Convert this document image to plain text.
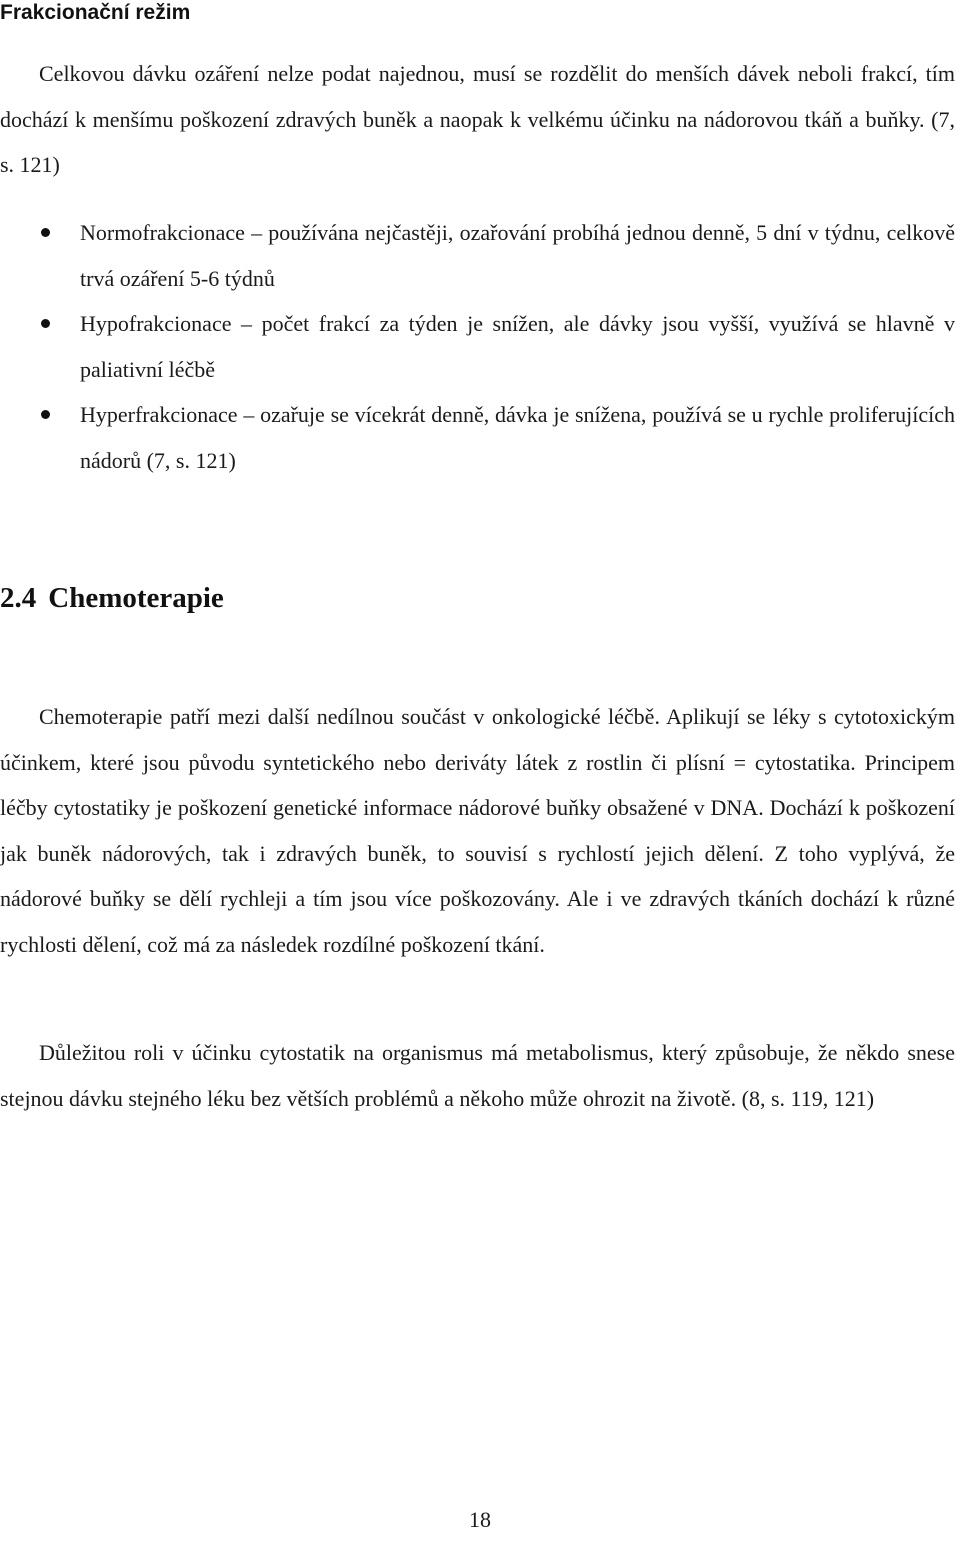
Frakcionační režim

Celkovou dávku ozáření nelze podat najednou, musí se rozdělit do menších dávek neboli frakcí, tím dochází k menšímu poškození zdravých buněk a naopak k velkému účinku na nádorovou tkáň a buňky. (7, s. 121)

Normofrakcionace – používána nejčastěji, ozařování probíhá jednou denně, 5 dní v týdnu, celkově trvá ozáření 5-6 týdnů
Hypofrakcionace – počet frakcí za týden je snížen, ale dávky jsou vyšší, využívá se hlavně v paliativní léčbě
Hyperfrakcionace – ozařuje se vícekrát denně, dávka je snížena, používá se u rychle proliferujících nádorů (7, s. 121)
2.4 Chemoterapie

Chemoterapie patří mezi další nedílnou součást v onkologické léčbě. Aplikují se léky s cytotoxickým účinkem, které jsou původu syntetického nebo deriváty látek z rostlin či plísní = cytostatika. Principem léčby cytostatiky je poškození genetické informace nádorové buňky obsažené v DNA. Dochází k poškození jak buněk nádorových, tak i zdravých buněk, to souvisí s rychlostí jejich dělení. Z toho vyplývá, že nádorové buňky se dělí rychleji a tím jsou více poškozovány. Ale i ve zdravých tkáních dochází k různé rychlosti dělení, což má za následek rozdílné poškození tkání.

Důležitou roli v účinku cytostatik na organismus má metabolismus, který způsobuje, že někdo snese stejnou dávku stejného léku bez větších problémů a někoho může ohrozit na životě. (8, s. 119, 121)

18
